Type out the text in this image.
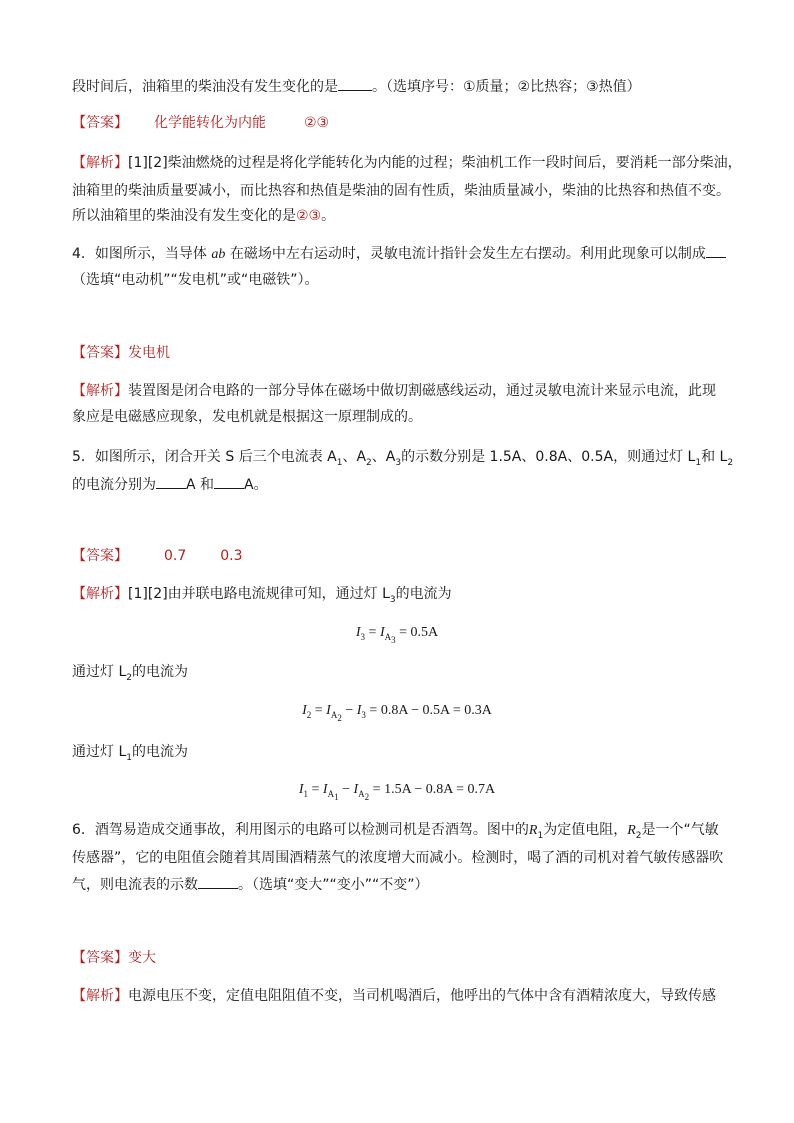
段时间后，油箱里的柴油没有发生变化的是 。（选填序号：①质量；②比热容；③热值）
【答案】 化学能转化为内能	②③
【解析】[1][2]柴油燃烧的过程是将化学能转化为内能的过程；柴油机工作一段时间后，要消耗一部分柴油，
油箱里的柴油质量要减小，而比热容和热值是柴油的固有性质，柴油质量减小，柴油的比热容和热值不变。
所以油箱里的柴油没有发生变化的是②③。
4．如图所示，当导体 ab 在磁场中左右运动时，灵敏电流计指针会发生左右摆动。利用此现象可以制成
（选填“电动机”“发电机”或“电磁铁”）。
【答案】发电机
【解析】装置图是闭合电路的一部分导体在磁场中做切割磁感线运动，通过灵敏电流计来显示电流，此现
象应是电磁感应现象，发电机就是根据这一原理制成的。
5．如图所示，闭合开关 S 后三个电流表 $A_1$、$A_2$、$A_3$的示数分别是 1.5A、0.8A、0.5A，则通过灯 $L_1$和 $L_2$
的电流分别为 A 和 A。
【答案】	0.7 0.3
【解析】[1][2]由并联电路电流规律可知，通过灯 $L_3$的电流为
$I_3 = I_{A_3} = 0.5A$
通过灯 $L_2$的电流为
$I_2 = I_{A_2} - I_3 = 0.8A - 0.5A = 0.3A$
通过灯 $L_1$的电流为
$I_1 = I_{A_1} - I_{A_2} = 1.5A - 0.8A = 0.7A$
6．酒驾易造成交通事故，利用图示的电路可以检测司机是否酒驾。图中的$R_1$为定值电阻，$R_2$是一个“气敏
传感器”，它的电阻值会随着其周围酒精蒸气的浓度增大而减小。检测时，喝了酒的司机对着气敏传感器吹
气，则电流表的示数	。（选填“变大”“变小”“不变”）
【答案】变大
【解析】电源电压不变，定值电阻阻值不变，当司机喝酒后，他呼出的气体中含有酒精浓度大，导致传感
